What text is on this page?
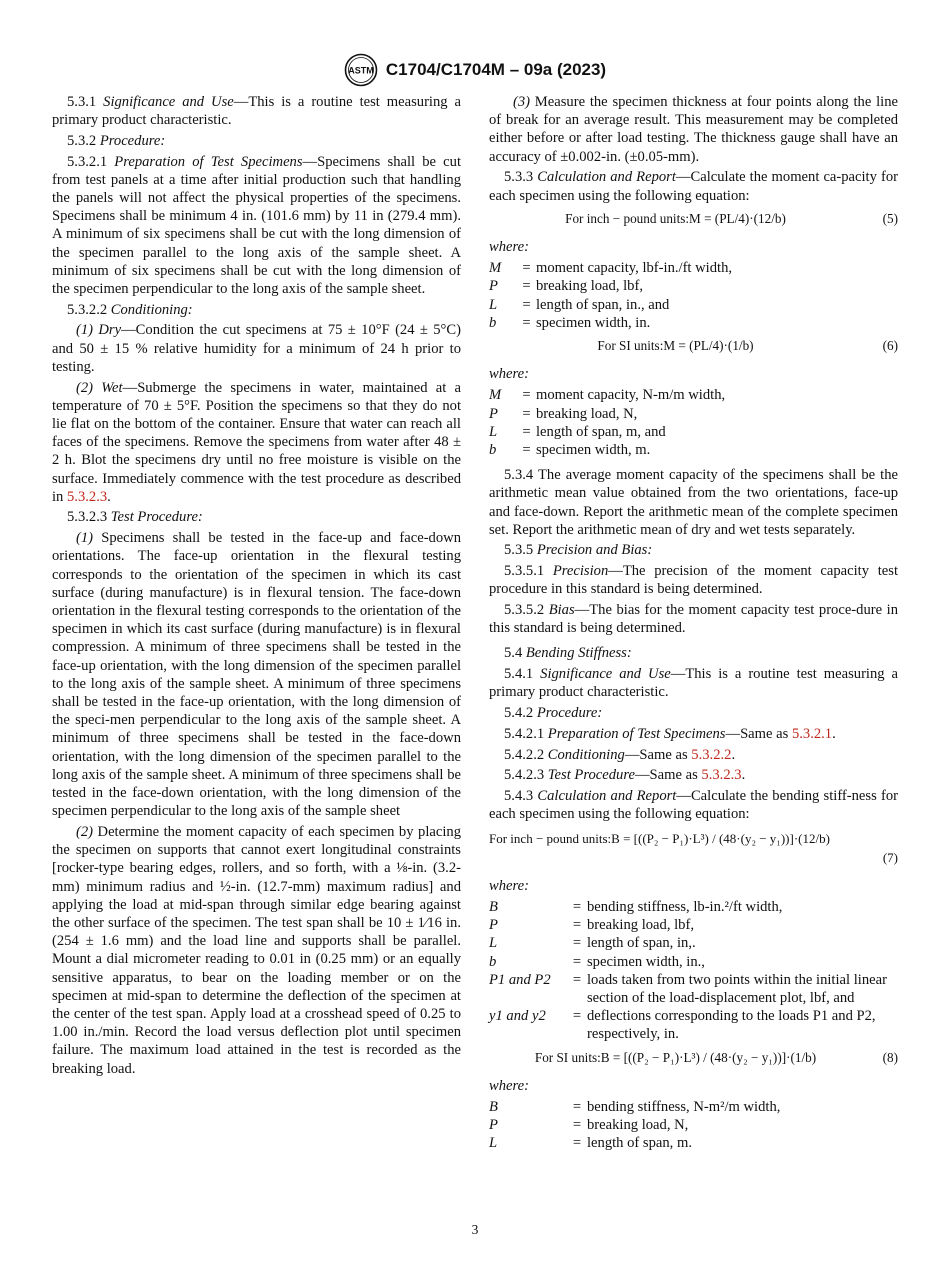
ASTM C1704/C1704M – 09a (2023)

5.3.1 Significance and Use—This is a routine test measuring a primary product characteristic.

5.3.2 Procedure:

5.3.2.1 Preparation of Test Specimens—Specimens shall be cut from test panels at a time after initial production such that handling the panels will not affect the physical properties of the specimens. Specimens shall be minimum 4 in. (101.6 mm) by 11 in (279.4 mm). A minimum of six specimens shall be cut with the long dimension of the specimen parallel to the long axis of the sample sheet. A minimum of six specimens shall be cut with the long dimension of the specimen perpendicular to the long axis of the sample sheet.

5.3.2.2 Conditioning:

(1) Dry—Condition the cut specimens at 75 ± 10°F (24 ± 5°C) and 50 ± 15 % relative humidity for a minimum of 24 h prior to testing.

(2) Wet—Submerge the specimens in water, maintained at a temperature of 70 ± 5°F. Position the specimens so that they do not lie flat on the bottom of the container. Ensure that water can reach all faces of the specimens. Remove the specimens from water after 48 ± 2 h. Blot the specimens dry until no free moisture is visible on the surface. Immediately commence with the test procedure as described in 5.3.2.3.

5.3.2.3 Test Procedure:

(1) Specimens shall be tested in the face-up and face-down orientations. The face-up orientation in the flexural testing corresponds to the orientation of the specimen in which its cast surface (during manufacture) is in flexural tension. The face-down orientation in the flexural testing corresponds to the orientation of the specimen in which its cast surface (during manufacture) is in flexural compression. A minimum of three specimens shall be tested in the face-up orientation, with the long dimension of the specimen parallel to the long axis of the sample sheet. A minimum of three specimens shall be tested in the face-up orientation, with the long dimension of the speci-men perpendicular to the long axis of the sample sheet. A minimum of three specimens shall be tested in the face-down orientation, with the long dimension of the specimen parallel to the long axis of the sample sheet. A minimum of three specimens shall be tested in the face-down orientation, with the long dimension of the specimen perpendicular to the long axis of the sample sheet

(2) Determine the moment capacity of each specimen by placing the specimen on supports that cannot exert longitudinal constraints [rocker-type bearing edges, rollers, and so forth, with a ⅛-in. (3.2-mm) minimum radius and ½-in. (12.7-mm) maximum radius] and applying the load at mid-span through similar edge bearing against the other surface of the specimen. The test span shall be 10 ± 1⁄16 in. (254 ± 1.6 mm) and the load line and supports shall be parallel. Mount a dial micrometer reading to 0.01 in (0.25 mm) or an equally sensitive apparatus, to bear on the loading member or on the specimen at mid-span to determine the deflection of the specimen at the center of the test span. Apply load at a crosshead speed of 0.25 to 1.00 in./min. Record the load versus deflection plot until specimen failure. The maximum load attained in the test is recorded as the breaking load.

(3) Measure the specimen thickness at four points along the line of break for an average result. This measurement may be completed either before or after load testing. The thickness gauge shall have an accuracy of ±0.002-in. (±0.05-mm).

5.3.3 Calculation and Report—Calculate the moment ca-pacity for each specimen using the following equation:

For inch − pound units:M = (PL/4)·(12/b)	(5)
where:
M	= moment capacity, lbf-in./ft width,
P	= breaking load, lbf,
L	= length of span, in., and
b	= specimen width, in.
For SI units:M = (PL/4)·(1/b)	(6)
where:
M	= moment capacity, N-m/m width,
P	= breaking load, N,
L	= length of span, m, and
b	= specimen width, m.

5.3.4 The average moment capacity of the specimens shall be the arithmetic mean value obtained from the two orientations, face-up and face-down. Report the arithmetic mean of the complete specimen set. Report the arithmetic mean of dry and wet tests separately.

5.3.5 Precision and Bias:

5.3.5.1 Precision—The precision of the moment capacity test procedure in this standard is being determined.

5.3.5.2 Bias—The bias for the moment capacity test proce-dure in this standard is being determined.

5.4 Bending Stiffness:

5.4.1 Significance and Use—This is a routine test measuring a primary product characteristic.

5.4.2 Procedure:

5.4.2.1 Preparation of Test Specimens—Same as 5.3.2.1.

5.4.2.2 Conditioning—Same as 5.3.2.2.

5.4.2.3 Test Procedure—Same as 5.3.2.3.

5.4.3 Calculation and Report—Calculate the bending stiff-ness for each specimen using the following equation:

For inch − pound units:B = [((P₂ − P₁)·L³) / (48·(y₂ − y₁))]·(12/b)
(7)
where:
B	= bending stiffness, lb-in.²/ft width,
P	= breaking load, lbf,
L	= length of span, in,.
b	= specimen width, in.,
P1 and P2	= loads taken from two points within the initial linear section of the load-displacement plot, lbf, and
y1 and y2	= deflections corresponding to the loads P1 and P2, respectively, in.
For SI units:B = [((P₂ − P₁)·L³) / (48·(y₂ − y₁))]·(1/b)	(8)
where:
B	= bending stiffness, N-m²/m width,
P	= breaking load, N,
L	= length of span, m.
3
